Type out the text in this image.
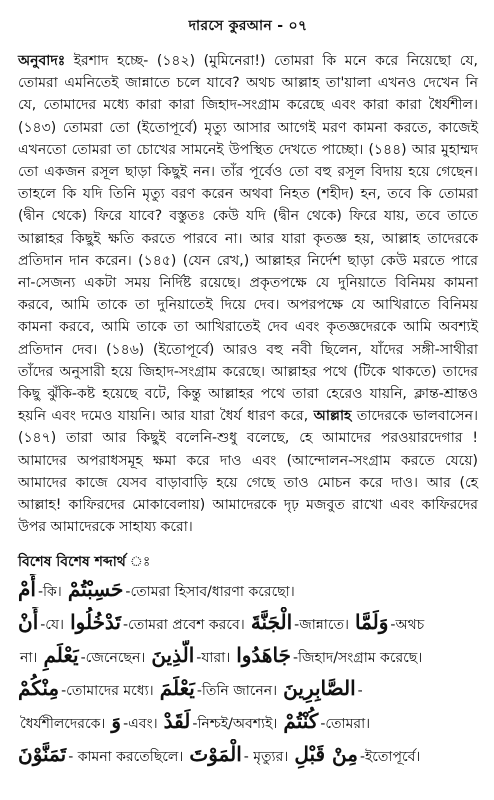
দারসে কুরআন - ০৭

অনুবাদঃ ইরশাদ হচ্ছে- (১৪২) (মুমিনেরা!) তোমরা কি মনে করে নিয়েছো যে, তোমরা এমনিতেই জান্নাতে চলে যাবে? অথচ আল্লাহ তা'য়ালা এখনও দেখেন নি যে, তোমাদের মধ্যে কারা কারা জিহাদ-সংগ্রাম করেছে এবং কারা কারা ধৈর্যশীল। (১৪৩) তোমরা তো (ইতোপূর্বে) মৃত্যু আসার আগেই মরণ কামনা করতে, কাজেই এখনতো তোমরা তা চোখের সামনেই উপস্থিত দেখতে পাচ্ছো। (১৪৪) আর মুহাম্মদ তো একজন রসূল ছাড়া কিছুই নন। তাঁর পূর্বেও তো বহু রসূল বিদায় হয়ে গেছেন। তাহলে কি যদি তিনি মৃত্যু বরণ করেন অথবা নিহত (শহীদ) হন, তবে কি তোমরা (দ্বীন থেকে) ফিরে যাবে? বস্তুতঃ কেউ যদি (দ্বীন থেকে) ফিরে যায়, তবে তাতে আল্লাহর কিছুই ক্ষতি করতে পারবে না। আর যারা কৃতজ্ঞ হয়, আল্লাহ তাদেরকে প্রতিদান দান করেন। (১৪৫) (যেন রেখ,) আল্লাহর নির্দেশ ছাড়া কেউ মরতে পারে না-সেজন্য একটা সময় নির্দিষ্ট রয়েছে। প্রকৃতপক্ষে যে দুনিয়াতে বিনিময় কামনা করবে, আমি তাকে তা দুনিয়াতেই দিয়ে দেব। অপরপক্ষে যে আখিরাতে বিনিময় কামনা করবে, আমি তাকে তা আখিরাতেই দেব এবং কৃতজ্ঞদেরকে আমি অবশ্যই প্রতিদান দেব। (১৪৬) (ইতোপূর্বে) আরও বহু নবী ছিলেন, যাঁদের সঙ্গী-সাথীরা তাঁদের অনুসারী হয়ে জিহাদ-সংগ্রাম করেছে। আল্লাহর পথে (টিকে থাকতে) তাদের কিছু ঝুঁকি-কষ্ট হয়েছে বটে, কিন্তু আল্লাহর পথে তারা হেরেও যায়নি, ক্লান্ত-শ্রান্তও হয়নি এবং দমেও যায়নি। আর যারা ধৈর্য ধারণ করে, আল্লাহ তাদেরকে ভালবাসেন। (১৪৭) তারা আর কিছুই বলেনি-শুধু বলেছে, হে আমাদের পরওয়ারদেগার ! আমাদের অপরাধসমূহ ক্ষমা করে দাও এবং (আন্দোলন-সংগ্রাম করতে যেয়ে) আমাদের কাজে যেসব বাড়াবাড়ি হয়ে গেছে তাও মোচন করে দাও। আর (হে আল্লাহ! কাফিরদের মোকাবেলায়) আমাদেরকে দৃঢ় মজবুত রাখো এবং কাফিরদের উপর আমাদেরকে সাহায্য করো।

বিশেষ বিশেষ শব্দার্থ ঃ

أَمْ -কি। حَسِبْتُمْ -তোমরা হিসাব/ধারণা করেছো।
أَنْ -যে। تَدْخُلُوا -তোমরা প্রবেশ করবে। الْجَنَّةَ -জান্নাতে। وَلَمَّا -অথচ
না। يَعْلَمِ -জেনেছেন। الَّذِينَ -যারা। جَاهَدُوا -জিহাদ/সংগ্রাম করেছে।
مِنْكُمْ -তোমাদের মধ্যে। يَعْلَمَ -তিনি জানেন। الصَّابِرِينَ -
ধৈর্যশীলদেরকে। وَ -এবং। لَقَدْ -নিশ্চই/অবশ্যই। كُنْتُمْ -তোমরা।
تَمَنَّوْنَ - কামনা করতেছিলে। الْمَوْتَ - মৃত্যুর। مِنْ قَبْلِ -ইতোপূর্বে।
